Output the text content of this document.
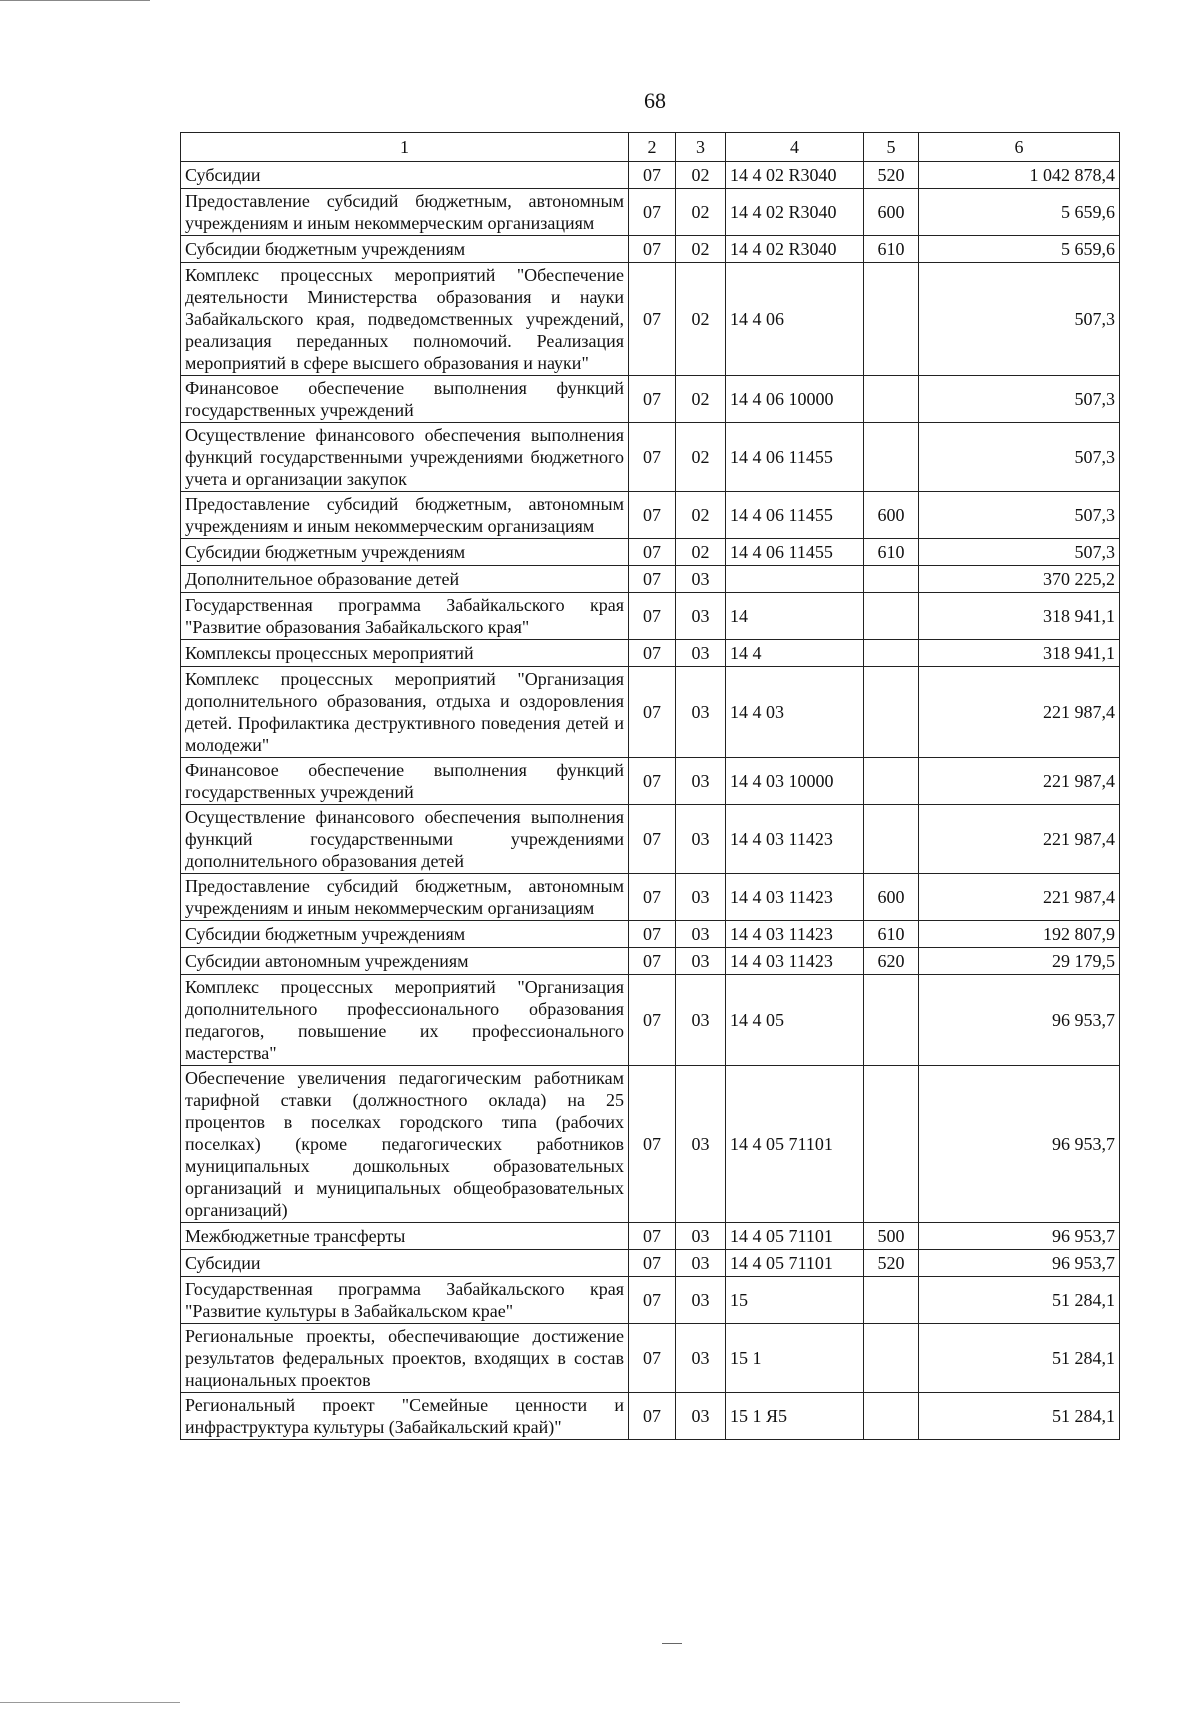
68
1	2	3	4	5	6
Субсидии	07	02	14 4 02 R3040	520	1 042 878,4
Предоставление субсидий бюджетным, автономным учреждениям и иным некоммерческим организациям	07	02	14 4 02 R3040	600	5 659,6
Субсидии бюджетным учреждениям	07	02	14 4 02 R3040	610	5 659,6
Комплекс процессных мероприятий "Обеспечение деятельности Министерства образования и науки Забайкальского края, подведомственных учреждений, реализация переданных полномочий. Реализация мероприятий в сфере высшего образования и науки"	07	02	14 4 06		507,3
Финансовое обеспечение выполнения функций государственных учреждений	07	02	14 4 06 10000		507,3
Осуществление финансового обеспечения выполнения функций государственными учреждениями бюджетного учета и организации закупок	07	02	14 4 06 11455		507,3
Предоставление субсидий бюджетным, автономным учреждениям и иным некоммерческим организациям	07	02	14 4 06 11455	600	507,3
Субсидии бюджетным учреждениям	07	02	14 4 06 11455	610	507,3
Дополнительное образование детей	07	03			370 225,2
Государственная программа Забайкальского края "Развитие образования Забайкальского края"	07	03	14		318 941,1
Комплексы процессных мероприятий	07	03	14 4		318 941,1
Комплекс процессных мероприятий "Организация дополнительного образования, отдыха и оздоровления детей. Профилактика деструктивного поведения детей и молодежи"	07	03	14 4 03		221 987,4
Финансовое обеспечение выполнения функций государственных учреждений	07	03	14 4 03 10000		221 987,4
Осуществление финансового обеспечения выполнения функций государственными учреждениями дополнительного образования детей	07	03	14 4 03 11423		221 987,4
Предоставление субсидий бюджетным, автономным учреждениям и иным некоммерческим организациям	07	03	14 4 03 11423	600	221 987,4
Субсидии бюджетным учреждениям	07	03	14 4 03 11423	610	192 807,9
Субсидии автономным учреждениям	07	03	14 4 03 11423	620	29 179,5
Комплекс процессных мероприятий "Организация дополнительного профессионального образования педагогов, повышение их профессионального мастерства"	07	03	14 4 05		96 953,7
Обеспечение увеличения педагогическим работникам тарифной ставки (должностного оклада) на 25 процентов в поселках городского типа (рабочих поселках) (кроме педагогических работников муниципальных дошкольных образовательных организаций и муниципальных общеобразовательных организаций)	07	03	14 4 05 71101		96 953,7
Межбюджетные трансферты	07	03	14 4 05 71101	500	96 953,7
Субсидии	07	03	14 4 05 71101	520	96 953,7
Государственная программа Забайкальского края "Развитие культуры в Забайкальском крае"	07	03	15		51 284,1
Региональные проекты, обеспечивающие достижение результатов федеральных проектов, входящих в состав национальных проектов	07	03	15 1		51 284,1
Региональный проект "Семейные ценности и инфраструктура культуры (Забайкальский край)"	07	03	15 1 Я5		51 284,1
